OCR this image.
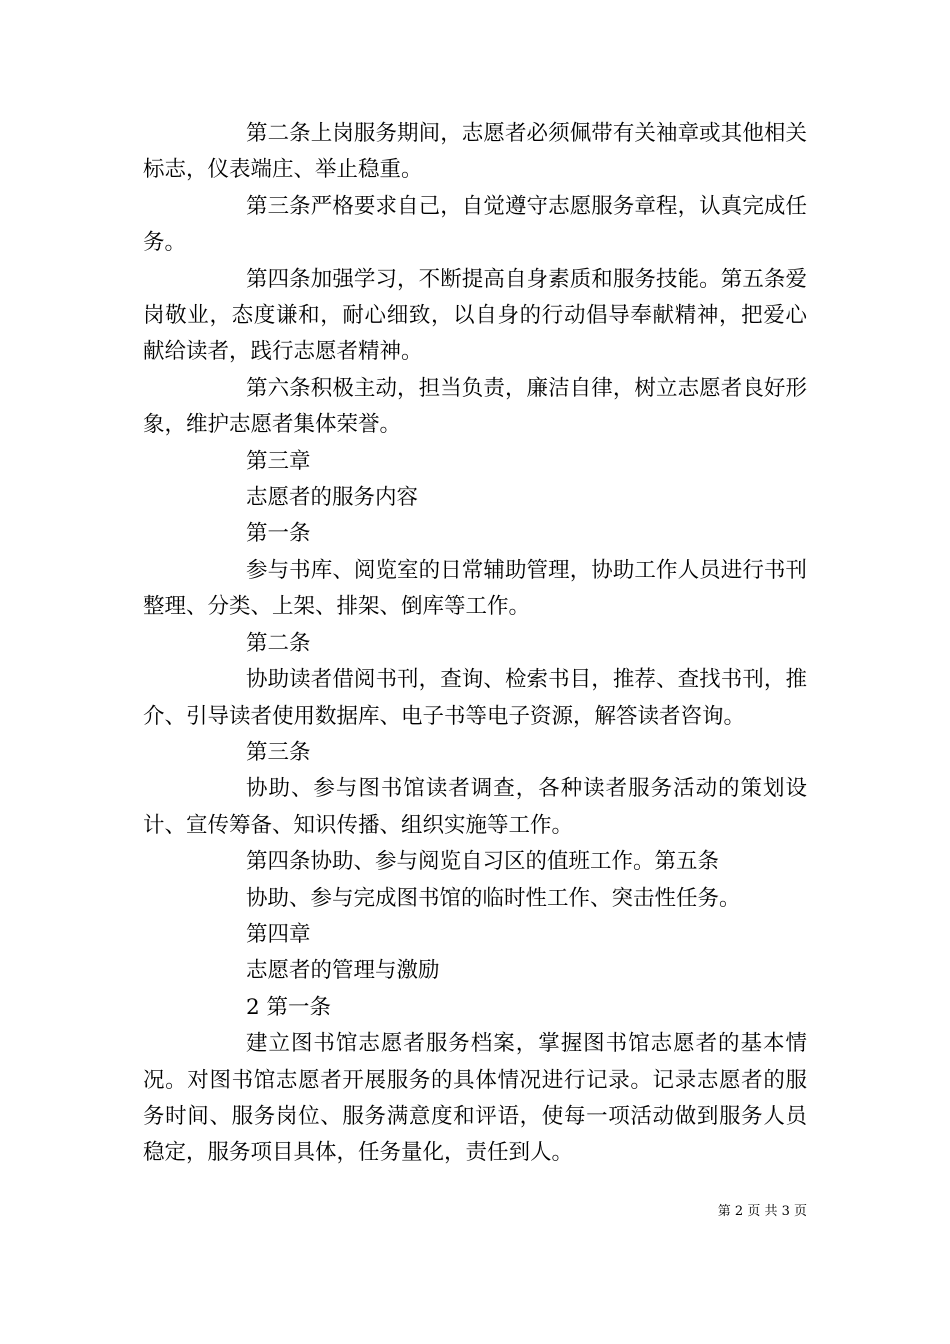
第二条上岗服务期间，志愿者必须佩带有关袖章或其他相关标志，仪表端庄、举止稳重。

第三条严格要求自己，自觉遵守志愿服务章程，认真完成任务。

第四条加强学习，不断提高自身素质和服务技能。第五条爱岗敬业，态度谦和，耐心细致，以自身的行动倡导奉献精神，把爱心献给读者，践行志愿者精神。

第六条积极主动，担当负责，廉洁自律，树立志愿者良好形象，维护志愿者集体荣誉。

第三章

志愿者的服务内容

第一条

参与书库、阅览室的日常辅助管理，协助工作人员进行书刊整理、分类、上架、排架、倒库等工作。

第二条

协助读者借阅书刊，查询、检索书目，推荐、查找书刊，推介、引导读者使用数据库、电子书等电子资源，解答读者咨询。

第三条

协助、参与图书馆读者调查，各种读者服务活动的策划设计、宣传筹备、知识传播、组织实施等工作。

第四条协助、参与阅览自习区的值班工作。第五条

协助、参与完成图书馆的临时性工作、突击性任务。

第四章

志愿者的管理与激励

2 第一条

建立图书馆志愿者服务档案，掌握图书馆志愿者的基本情况。对图书馆志愿者开展服务的具体情况进行记录。记录志愿者的服务时间、服务岗位、服务满意度和评语，使每一项活动做到服务人员稳定，服务项目具体，任务量化，责任到人。

第 2 页 共 3 页
